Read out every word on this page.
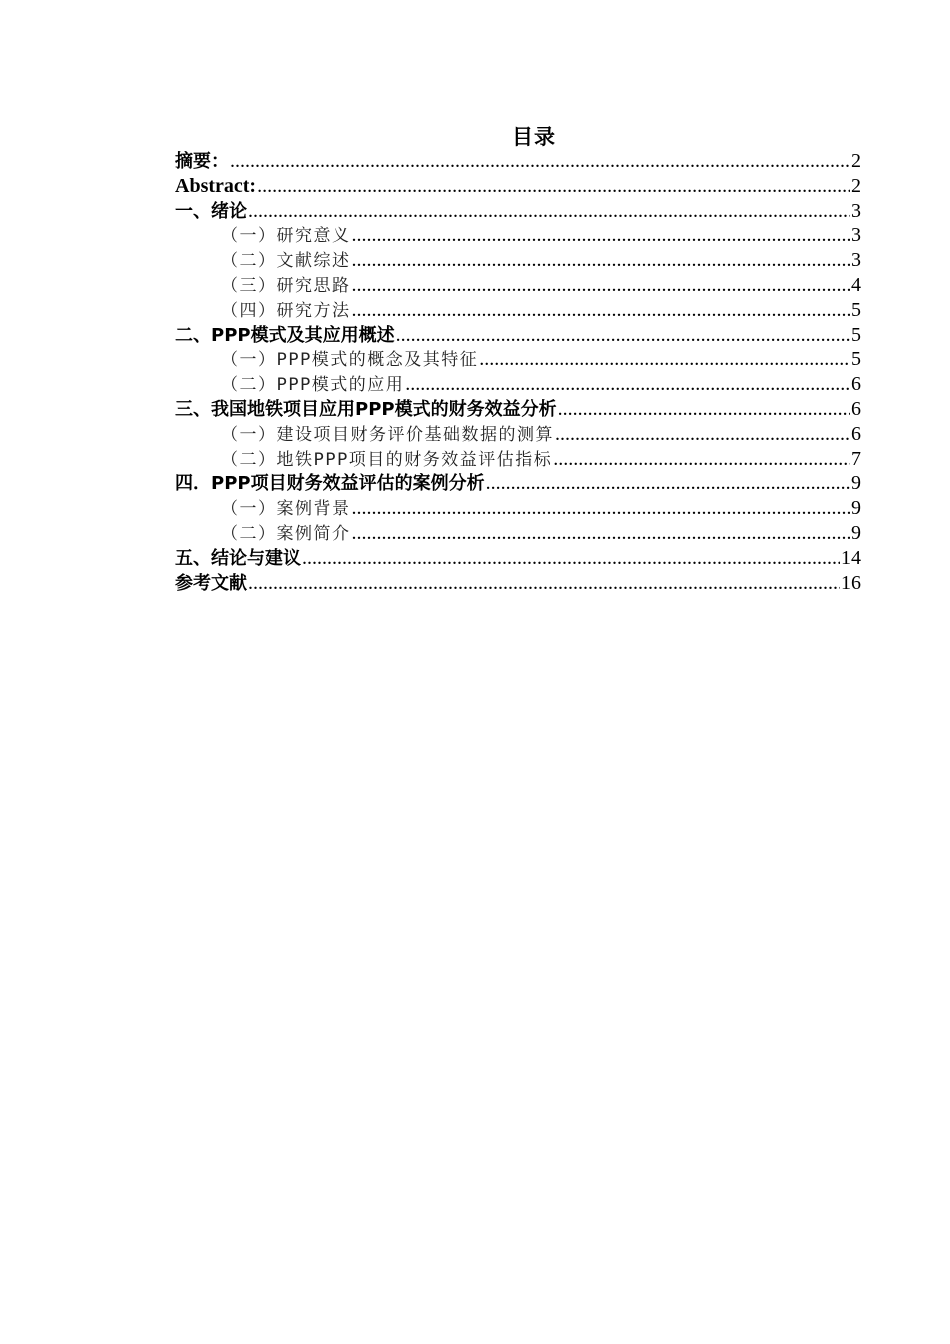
目录
摘要： .....	2
Abstract: .....	2
一、绪论 .....	3
（一）研究意义 .....	3
（二）文献综述 .....	3
（三）研究思路 .....	4
（四）研究方法 .....	5
二、PPP模式及其应用概述 .....	5
（一）PPP模式的概念及其特征 .....	5
（二）PPP模式的应用 .....	6
三、我国地铁项目应用PPP模式的财务效益分析 .....	6
（一）建设项目财务评价基础数据的测算 .....	6
（二）地铁PPP项目的财务效益评估指标 .....	7
四．PPP项目财务效益评估的案例分析 .....	9
（一）案例背景 .....	9
（二）案例简介 .....	9
五、结论与建议 .....	14
参考文献 .....	16
